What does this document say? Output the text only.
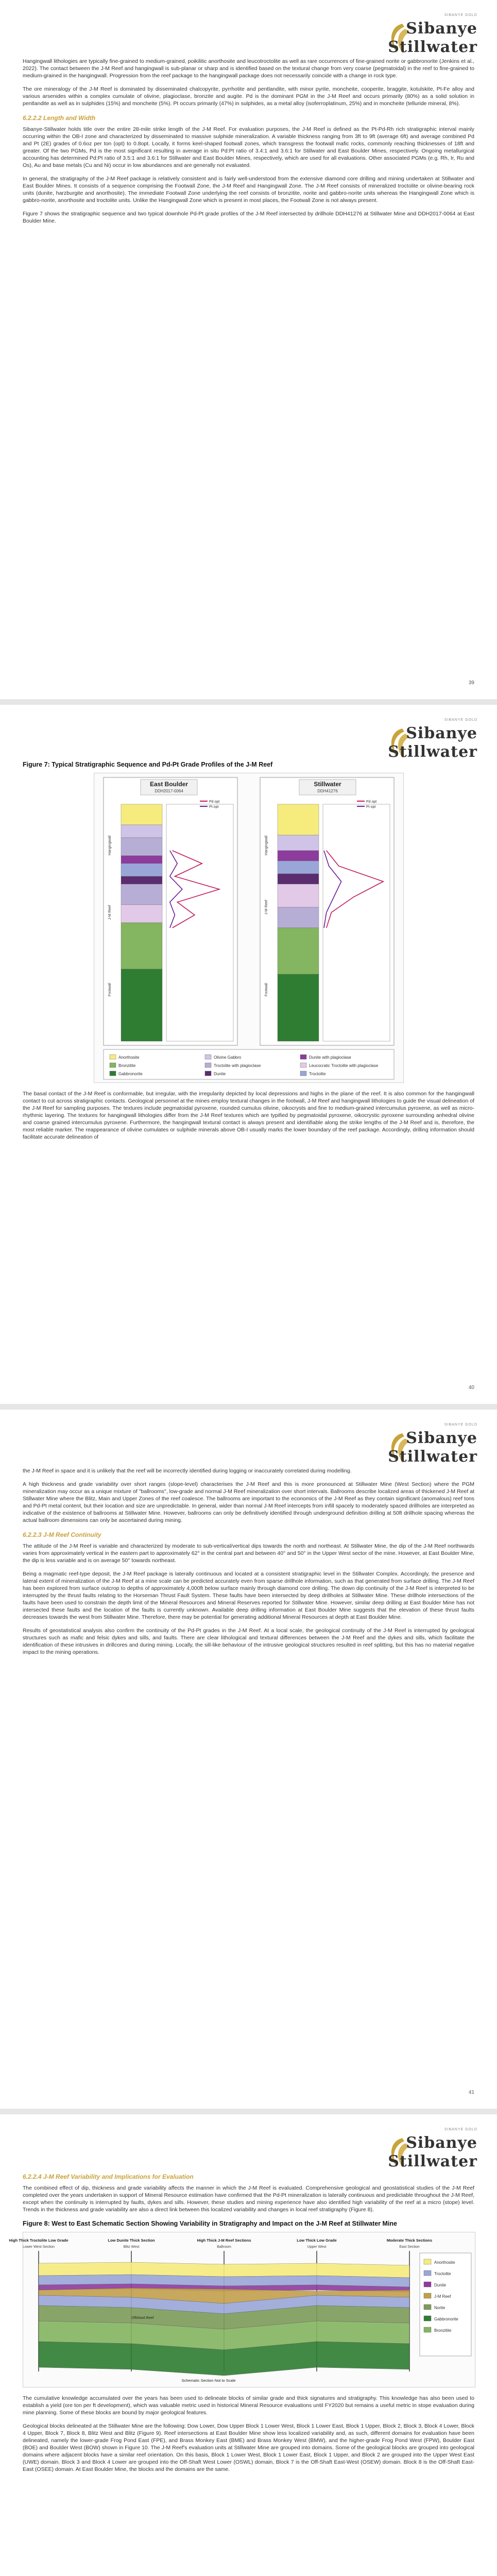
SIBANYE GOLD
Sibanye
Stillwater

Hangingwall lithologies are typically fine-grained to medium-grained, poikilitic anorthosite and leucotroctolite as well as rare occurrences of fine-grained norite or gabbronorite (Jenkins et al., 2022). The contact between the J-M Reef and hangingwall is sub-planar or sharp and is identified based on the textural change from very coarse (pegmatoidal) in the reef to fine-grained to medium-grained in the hangingwall. Progression from the reef package to the hangingwall package does not necessarily coincide with a change in rock type.

The ore mineralogy of the J-M Reef is dominated by disseminated chalcopyrite, pyrrhotite and pentlandite, with minor pyrite, moncheite, cooperite, braggite, kotulskite, Pt-Fe alloy and various arsenides within a complex cumulate of olivine, plagioclase, bronzite and augite. Pd is the dominant PGM in the J-M Reef and occurs primarily (80%) as a solid solution in pentlandite as well as in sulphides (15%) and moncheite (5%). Pt occurs primarily (47%) in sulphides, as a metal alloy (isoferroplatinum, 25%) and in moncheite (telluride mineral, 8%).

6.2.2.2 Length and Width

Sibanye-Stillwater holds title over the entire 28-mile strike length of the J-M Reef. For evaluation purposes, the J-M Reef is defined as the Pt-Pd-Rh rich stratigraphic interval mainly occurring within the OB-I zone and characterized by disseminated to massive sulphide mineralization. A variable thickness ranging from 3ft to 9ft (average 6ft) and average combined Pd and Pt (2E) grades of 0.6oz per ton (opt) to 0.8opt. Locally, it forms keel-shaped footwall zones, which transgress the footwall mafic rocks, commonly reaching thicknesses of 18ft and greater. Of the two PGMs, Pd is the most significant resulting in average in situ Pd:Pt ratio of 3.4:1 and 3.6:1 for Stillwater and East Boulder Mines, respectively. Ongoing metallurgical accounting has determined Pd:Pt ratio of 3.5:1 and 3.6:1 for Stillwater and East Boulder Mines, respectively, which are used for all evaluations. Other associated PGMs (e.g. Rh, Ir, Ru and Os), Au and base metals (Cu and Ni) occur in low abundances and are generally not evaluated.

In general, the stratigraphy of the J-M Reef package is relatively consistent and is fairly well-understood from the extensive diamond core drilling and mining undertaken at Stillwater and East Boulder Mines. It consists of a sequence comprising the Footwall Zone, the J-M Reef and Hangingwall Zone. The J-M Reef consists of mineralized troctolite or olivine-bearing rock units (dunite, harzburgite and anorthosite). The immediate Footwall Zone underlying the reef consists of bronzitite, norite and gabbro-norite units whereas the Hangingwall Zone which is gabbro-norite, anorthosite and troctolite units. Unlike the Hangingwall Zone which is present in most places, the Footwall Zone is not always present.

Figure 7 shows the stratigraphic sequence and two typical downhole Pd-Pt grade profiles of the J-M Reef intersected by drillhole DDH41276 at Stillwater Mine and DDH2017-0064 at East Boulder Mine.

39
SIBANYE GOLD
Sibanye
Stillwater
Figure 7: Typical Stratigraphic Sequence and Pd-Pt Grade Profiles of the J-M Reef
East Boulder
DDH2017-0064
Stillwater
DDH41276
Hangingwall
J-M Reef
Footwall
Hangingwall
J-M Reef
Footwall
Pd opt
Pt opt
Pd opt
Pt opt
Anorthosite	Olivine Gabbro	Dunite with plagioclase
Bronzitite	Troctolite with plagioclase	Leucocratic Troctolite with plagioclase
Gabbronorite	Dunite	Troctolite

The basal contact of the J-M Reef is conformable, but irregular, with the irregularity depicted by local depressions and highs in the plane of the reef. It is also common for the hangingwall contact to cut across stratigraphic contacts. Geological personnel at the mines employ textural changes in the footwall, J-M Reef and hangingwall lithologies to guide the visual delineation of the J-M Reef for sampling purposes. The textures include pegmatoidal pyroxene, rounded cumulus olivine, oikocrysts and fine to medium-grained intercumulus pyroxene, as well as micro-rhythmic layering. The textures for hangingwall lithologies differ from the J-M Reef textures which are typified by pegmatoidal pyroxene, oikocrystic pyroxene surrounding anhedral olivine and coarse grained intercumulus pyroxene. Furthermore, the hangingwall textural contact is always present and identifiable along the strike lengths of the J-M Reef and is, therefore, the most reliable marker. The reappearance of olivine cumulates or sulphide minerals above OB-I usually marks the lower boundary of the reef package. Accordingly, drilling information should facilitate accurate delineation of

40
SIBANYE GOLD
Sibanye
Stillwater

the J-M Reef in space and it is unlikely that the reef will be incorrectly identified during logging or inaccurately correlated during modelling.

A high thickness and grade variability over short ranges (slope-level) characterises the J-M Reef and this is more pronounced at Stillwater Mine (West Section) where the PGM mineralization may occur as a unique mixture of "ballrooms", low-grade and normal J-M Reef mineralization over short intervals. Ballrooms describe localized areas of thickened J-M Reef at Stillwater Mine where the Blitz, Main and Upper Zones of the reef coalesce. The ballrooms are important to the economics of the J-M Reef as they contain significant (anomalous) reef tons and Pd-Pt metal content, but their location and size are unpredictable. In general, wider than normal J-M Reef intercepts from infill spacely to moderately spaced drillholes are interpreted as indicative of the existence of ballrooms at Stillwater Mine. However, ballrooms can only be definitively identified through underground definition drilling at 50ft drillhole spacing whereas the actual ballroom dimensions can only be ascertained during mining.

6.2.2.3 J-M Reef Continuity

The attitude of the J-M Reef is variable and characterized by moderate to sub-vertical/vertical dips towards the north and northeast. At Stillwater Mine, the dip of the J-M Reef northwards varies from approximately vertical in the eastern part to approximately 62° in the central part and between 40° and 50° in the Upper West sector of the mine. However, at East Boulder Mine, the dip is less variable and is on average 50° towards northeast.

Being a magmatic reef-type deposit, the J-M Reef package is laterally continuous and located at a consistent stratigraphic level in the Stillwater Complex. Accordingly, the presence and lateral extent of mineralization of the J-M Reef at a mine scale can be predicted accurately even from sparse drillhole information, such as that generated from surface drilling. The J-M Reef has been explored from surface outcrop to depths of approximately 4,000ft below surface mainly through diamond core drilling. The down dip continuity of the J-M Reef is interpreted to be interrupted by the thrust faults relating to the Horseman Thrust Fault System. These faults have been intersected by deep drillholes at Stillwater Mine. These drillhole intersections of the faults have been used to constrain the depth limit of the Mineral Resources and Mineral Reserves reported for Stillwater Mine. However, similar deep drilling at East Boulder Mine has not intersected these faults and the location of the faults is currently unknown. Available deep drilling information at East Boulder Mine suggests that the elevation of these thrust faults decreases towards the west from Stillwater Mine. Therefore, there may be potential for generating additional Mineral Resources at depth at East Boulder Mine.

Results of geostatistical analysis also confirm the continuity of the Pd-Pt grades in the J-M Reef. At a local scale, the geological continuity of the J-M Reef is interrupted by geological structures such as mafic and felsic dykes and sills, and faults. There are clear lithological and textural differences between the J-M Reef and the dykes and sills, which facilitate the identification of these intrusives in drillcores and during mining. Locally, the sill-like behaviour of the intrusive geological structures resulted in reef splitting, but this has no material negative impact to the mining operations.

41
SIBANYE GOLD
Sibanye
Stillwater
6.2.2.4 J-M Reef Variability and Implications for Evaluation

The combined effect of dip, thickness and grade variability affects the manner in which the J-M Reef is evaluated. Comprehensive geological and geostatistical studies of the J-M Reef completed over the years undertaken in support of Mineral Resource estimation have confirmed that the Pd-Pt mineralization is laterally continuous and predictable throughout the J-M Reef, except when the continuity is interrupted by faults, dykes and sills. However, these studies and mining experience have also identified high variability of the reef at a micro (stope) level. Trends in the thickness and grade variability are also a direct link between this localized variability and changes in local reef stratigraphy (Figure 8).

Figure 8: West to East Schematic Section Showing Variability in Stratigraphy and Impact on the J-M Reef at Stillwater Mine
High Thick Troctolite Low Grade
Lower West Section
Low Dunite Thick Section
Blitz West
High Thick J-M Reef Sections
Ballroom
Low Thick Low Grade
Upper West
Moderate Thick Sections
East Section
Offshoot Reef
Schematic Section Not to Scale
Anorthosite
Troctolite
Dunite
J-M Reef
Norite
Gabbronorite
Bronzitite

The cumulative knowledge accumulated over the years has been used to delineate blocks of similar grade and thick signatures and stratigraphy. This knowledge has also been used to establish a yield (ore ton per ft development), which was valuable metric used in historical Mineral Resource evaluations until FY2020 but remains a useful metric in stope evaluation during mine planning. Some of these blocks are bound by major geological features.

Geological blocks delineated at the Stillwater Mine are the following: Dow Lower, Dow Upper Block 1 Lower West, Block 1 Lower East, Block 1 Upper, Block 2, Block 3, Block 4 Lower, Block 4 Upper, Block 7, Block 8, Blitz West and Blitz (Figure 9). Reef intersections at East Boulder Mine show less localized variability and, as such, different domains for evaluation have been delineated, namely the lower-grade Frog Pond East (FPE), and Brass Monkey East (BME) and Brass Monkey West (BMW), and the higher-grade Frog Pond West (FPW), Boulder East (BOE) and Boulder West (BOW) shown in Figure 10. The J-M Reef's evaluation units at Stillwater Mine are grouped into domains. Some of the geological blocks are grouped into geological domains where adjacent blocks have a similar reef orientation. On this basis, Block 1 Lower West, Block 1 Lower East, Block 1 Upper, and Block 2 are grouped into the Upper West East (UWE) domain. Block 3 and Block 4 Lower are grouped into the Off-Shaft West Lower (OSWL) domain, Block 7 is the Off-Shaft East-West (OSEW) domain. Block 8 is the Off-Shaft East-East (OSEE) domain. At East Boulder Mine, the blocks and the domains are the same.
